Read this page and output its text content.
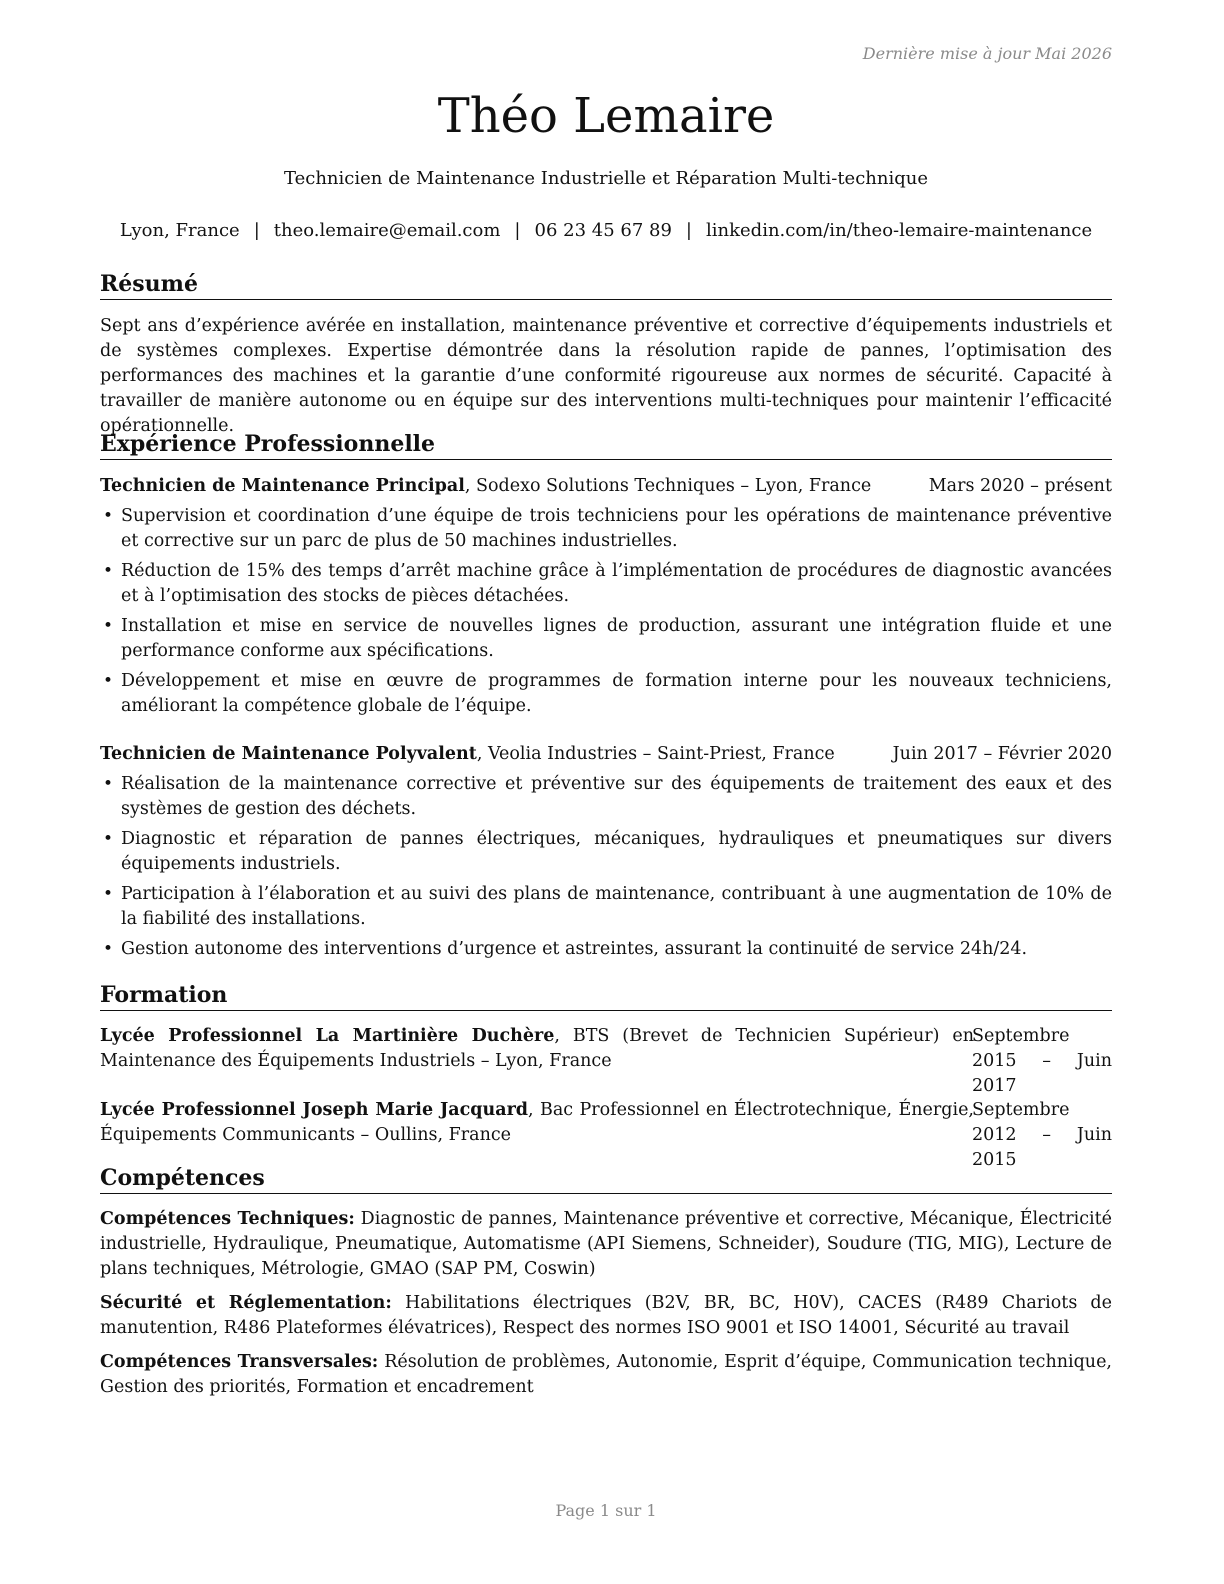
Dernière mise à jour Mai 2026
Théo Lemaire
Technicien de Maintenance Industrielle et Réparation Multi-technique
Lyon, France | theo.lemaire@email.com | 06 23 45 67 89 | linkedin.com/in/theo-lemaire-maintenance
Résumé
Sept ans d’expérience avérée en installation, maintenance préventive et corrective d’équipements industriels et de systèmes complexes. Expertise démontrée dans la résolution rapide de pannes, l’optimisation des performances des machines et la garantie d’une conformité rigoureuse aux normes de sécurité. Capacité à travailler de manière autonome ou en équipe sur des interventions multi-techniques pour maintenir l’efficacité opérationnelle.
Expérience Professionnelle
Technicien de Maintenance Principal, Sodexo Solutions Techniques – Lyon, France	Mars 2020 – présent
• Supervision et coordination d’une équipe de trois techniciens pour les opérations de maintenance préventive et corrective sur un parc de plus de 50 machines industrielles.
• Réduction de 15% des temps d’arrêt machine grâce à l’implémentation de procédures de diagnostic avancées et à l’optimisation des stocks de pièces détachées.
• Installation et mise en service de nouvelles lignes de production, assurant une intégration fluide et une performance conforme aux spécifications.
• Développement et mise en œuvre de programmes de formation interne pour les nouveaux techniciens, améliorant la compétence globale de l’équipe.
Technicien de Maintenance Polyvalent, Veolia Industries – Saint-Priest, France	Juin 2017 – Février 2020
• Réalisation de la maintenance corrective et préventive sur des équipements de traitement des eaux et des systèmes de gestion des déchets.
• Diagnostic et réparation de pannes électriques, mécaniques, hydrauliques et pneumatiques sur divers équipements industriels.
• Participation à l’élaboration et au suivi des plans de maintenance, contribuant à une augmentation de 10% de la fiabilité des installations.
• Gestion autonome des interventions d’urgence et astreintes, assurant la continuité de service 24h/24.
Formation
Lycée Professionnel La Martinière Duchère, BTS (Brevet de Technicien Supérieur) en Maintenance des Équipements Industriels – Lyon, France
Septembre 2015 – Juin 2017
Lycée Professionnel Joseph Marie Jacquard, Bac Professionnel en Électrotechnique, Énergie, Équipements Communicants – Oullins, France
Septembre 2012 – Juin 2015
Compétences
Compétences Techniques: Diagnostic de pannes, Maintenance préventive et corrective, Mécanique, Électricité industrielle, Hydraulique, Pneumatique, Automatisme (API Siemens, Schneider), Soudure (TIG, MIG), Lecture de plans techniques, Métrologie, GMAO (SAP PM, Coswin)
Sécurité et Réglementation: Habilitations électriques (B2V, BR, BC, H0V), CACES (R489 Chariots de manutention, R486 Plateformes élévatrices), Respect des normes ISO 9001 et ISO 14001, Sécurité au travail
Compétences Transversales: Résolution de problèmes, Autonomie, Esprit d’équipe, Communication technique, Gestion des priorités, Formation et encadrement
Page 1 sur 1
